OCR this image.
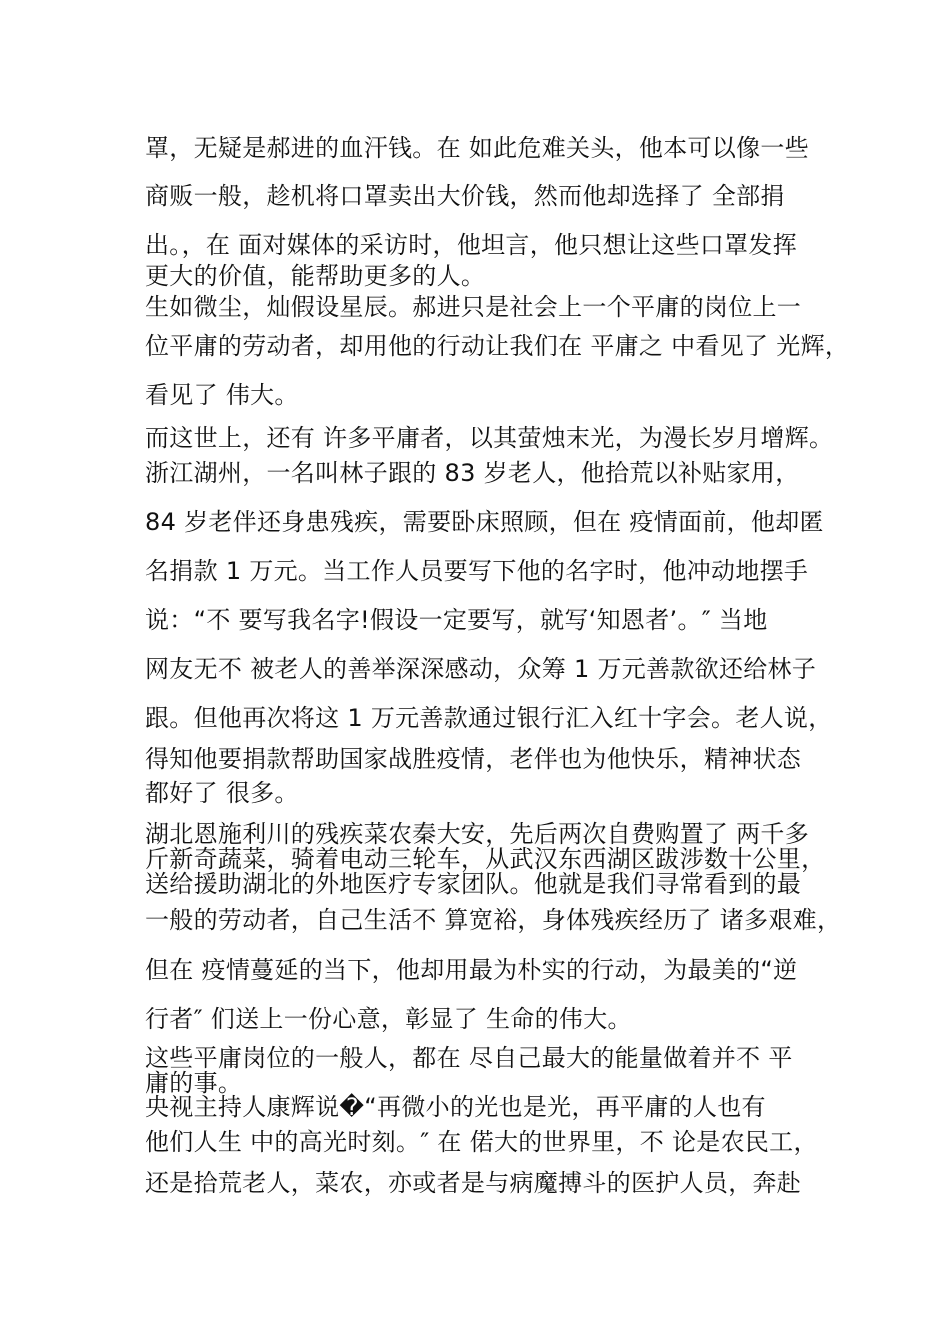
罩，无疑是郝进的血汗钱。在 如此危难关头，他本可以像一些
商贩一般，趁机将口罩卖出大价钱，然而他却选择了 全部捐
出。，在 面对媒体的采访时，他坦言，他只想让这些口罩发挥
更大的价值，能帮助更多的人。
生如微尘，灿假设星辰。郝进只是社会上一个平庸的岗位上一
位平庸的劳动者，却用他的行动让我们在 平庸之 中看见了 光辉，
看见了 伟大。
而这世上，还有 许多平庸者，以其萤烛末光，为漫长岁月增辉。
浙江湖州，一名叫林子跟的 83 岁老人，他拾荒以补贴家用，
84 岁老伴还身患残疾，需要卧床照顾，但在 疫情面前，他却匿
名捐款 1 万元。当工作人员要写下他的名字时，他冲动地摆手
说：“不 要写我名字!假设一定要写，就写‘知恩者’。″ 当地
网友无不 被老人的善举深深感动，众筹 1 万元善款欲还给林子
跟。但他再次将这 1 万元善款通过银行汇入红十字会。老人说，
得知他要捐款帮助国家战胜疫情，老伴也为他快乐，精神状态
都好了 很多。
湖北恩施利川的残疾菜农秦大安，先后两次自费购置了 两千多
斤新奇蔬菜，骑着电动三轮车，从武汉东西湖区跋涉数十公里，
送给援助湖北的外地医疗专家团队。他就是我们寻常看到的最
一般的劳动者，自己生活不 算宽裕，身体残疾经历了 诸多艰难，
但在 疫情蔓延的当下，他却用最为朴实的行动，为最美的“逆
行者″ 们送上一份心意，彰显了 生命的伟大。
这些平庸岗位的一般人，都在 尽自己最大的能量做着并不 平
庸的事。
央视主持人康辉说�“再微小的光也是光，再平庸的人也有
他们人生 中的高光时刻。″ 在 偌大的世界里，不 论是农民工，
还是拾荒老人，菜农，亦或者是与病魔搏斗的医护人员，奔赴
